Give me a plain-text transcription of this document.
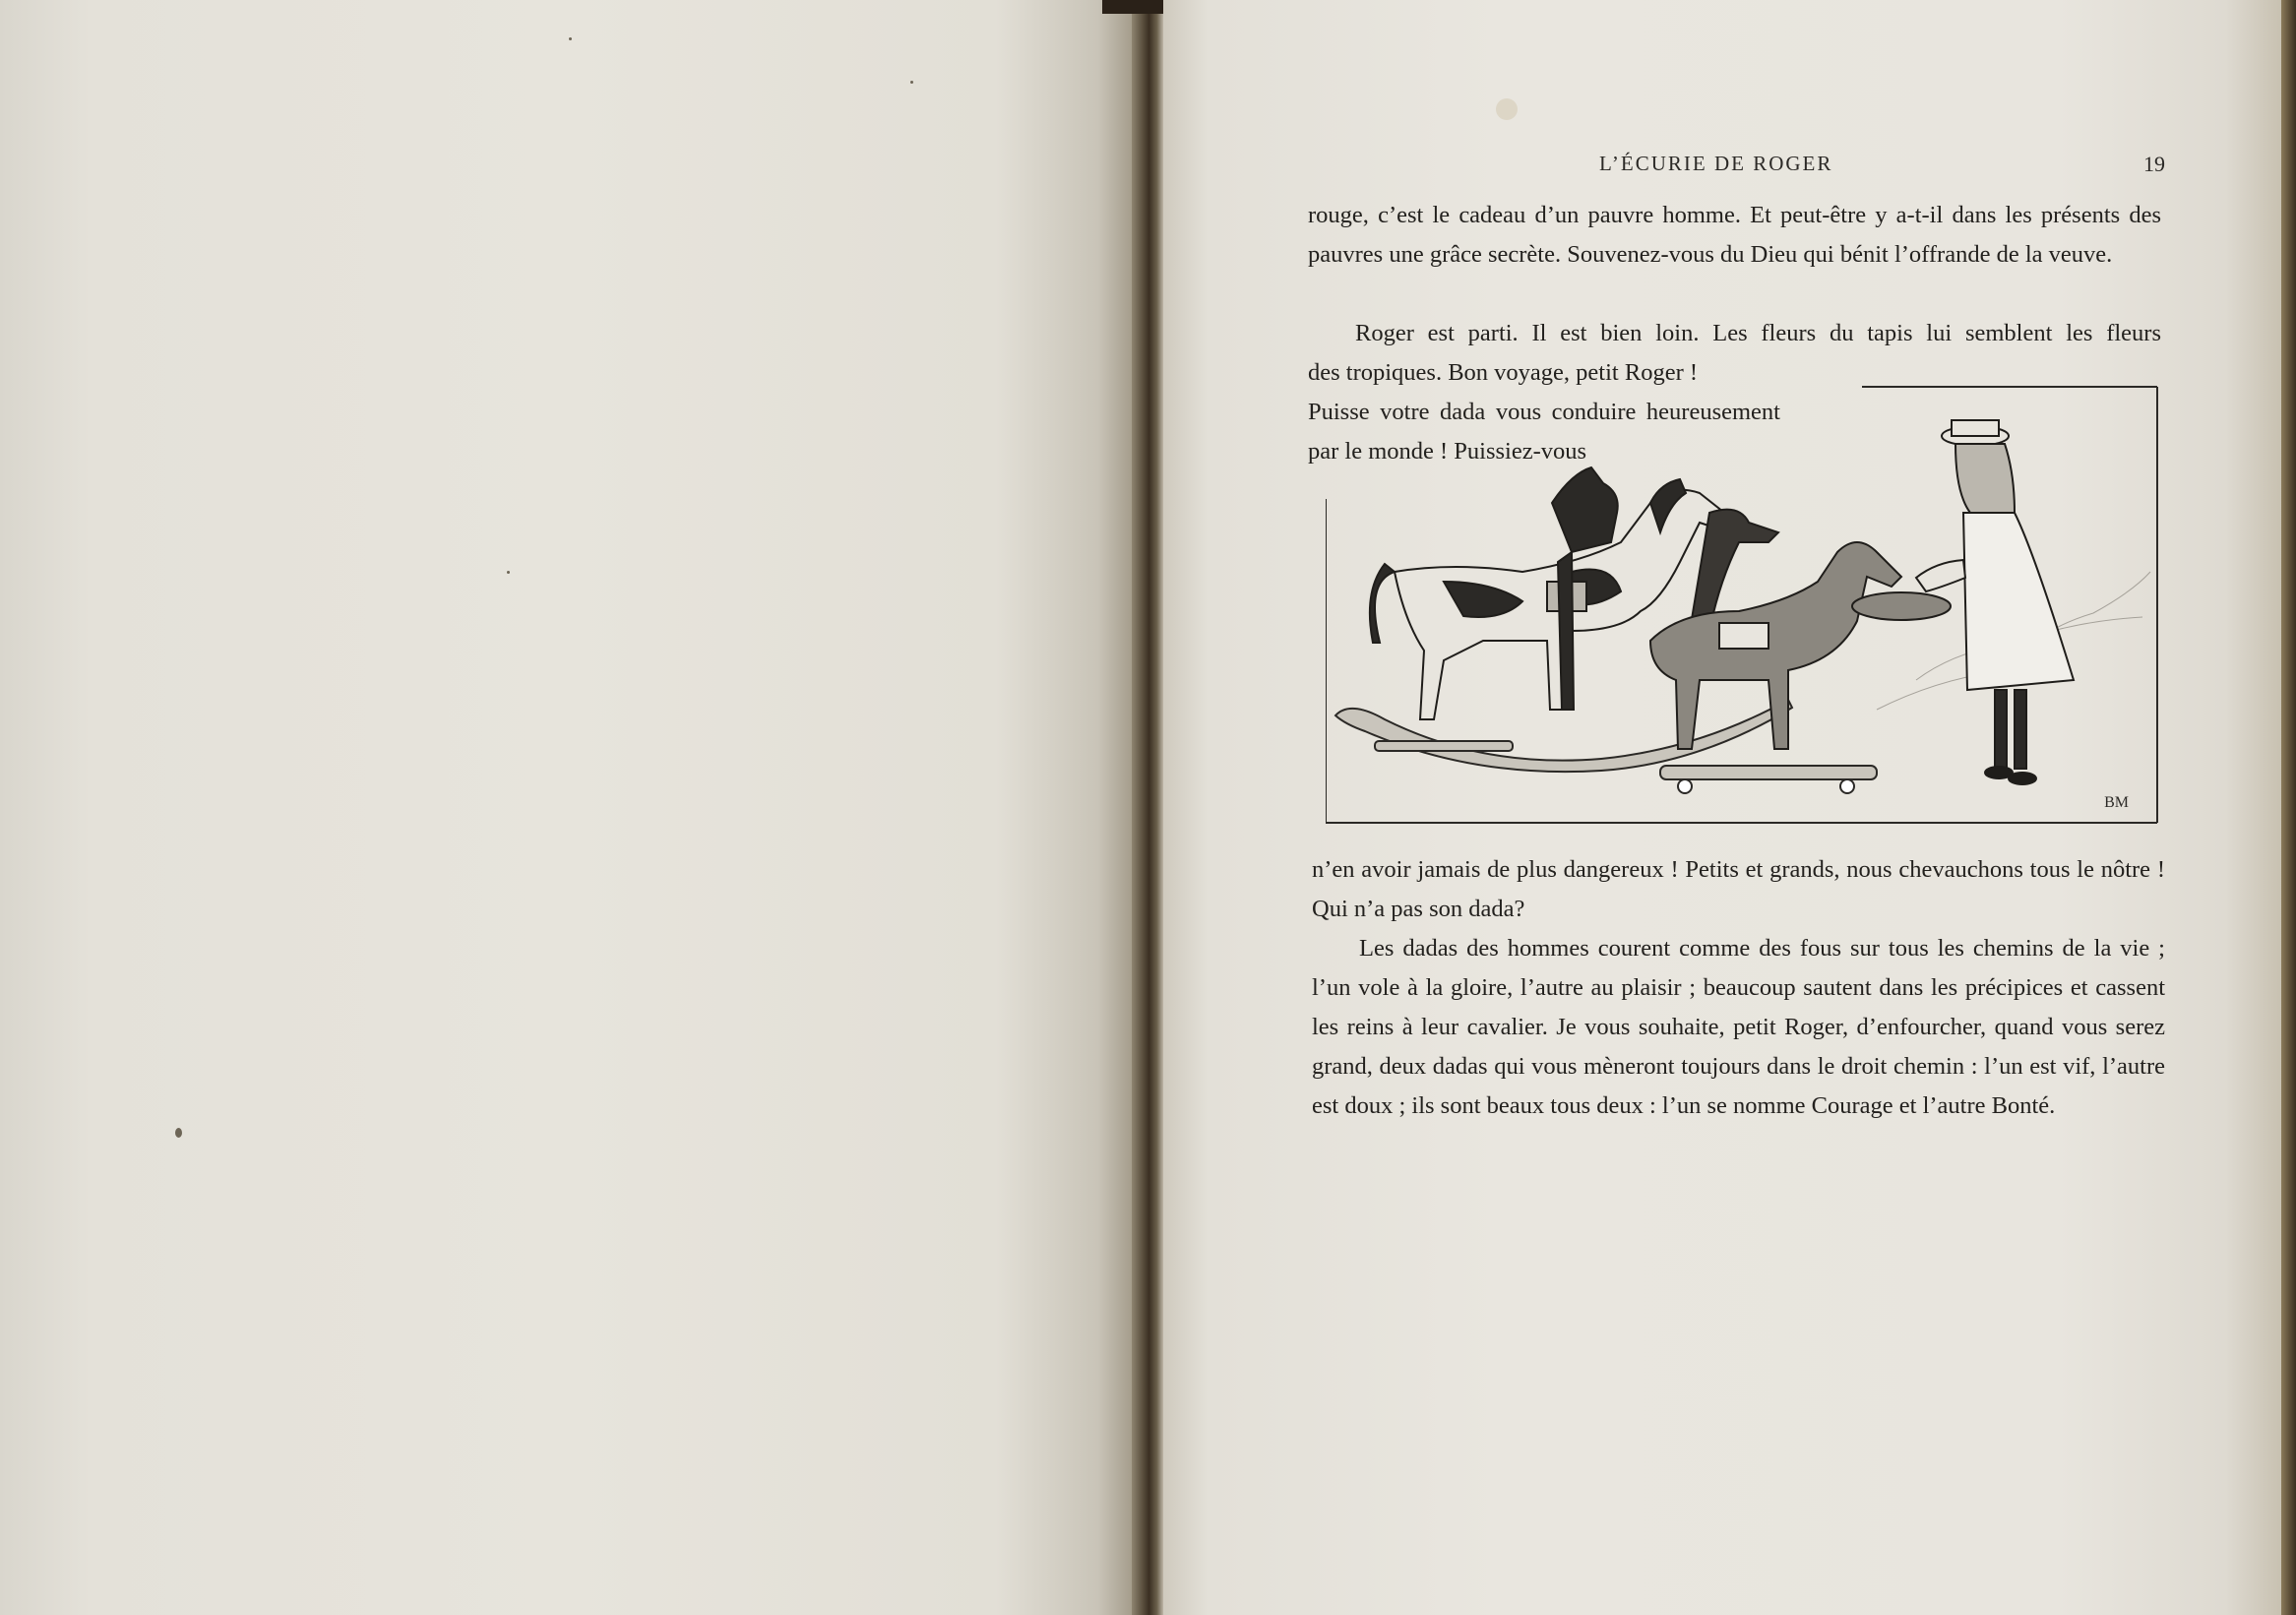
L’ÉCURIE DE ROGER	19

rouge, c’est le cadeau d’un pauvre homme. Et peut-être y a-t-il dans les présents des pauvres une grâce secrète. Souvenez-vous du Dieu qui bénit l’offrande de la veuve.

Roger est parti. Il est bien loin. Les fleurs du tapis lui semblent les fleurs

des tropiques. Bon voyage, petit Roger !

Puisse votre dada vous conduire heureusement par le monde ! Puissiez-vous

BM

n’en avoir jamais de plus dangereux ! Petits et grands, nous chevauchons tous le nôtre ! Qui n’a pas son dada?

Les dadas des hommes courent comme des fous sur tous les chemins de la vie ; l’un vole à la gloire, l’autre au plaisir ; beaucoup sautent dans les précipices et cassent les reins à leur cavalier. Je vous souhaite, petit Roger, d’enfourcher, quand vous serez grand, deux dadas qui vous mèneront toujours dans le droit chemin : l’un est vif, l’autre est doux ; ils sont beaux tous deux : l’un se nomme Courage et l’autre Bonté.
